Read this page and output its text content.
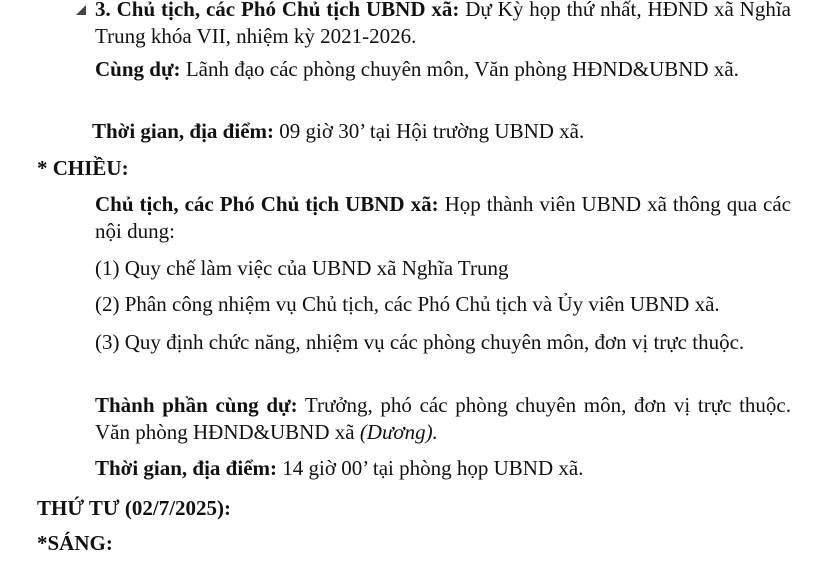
3. Chủ tịch, các Phó Chủ tịch UBND xã: Dự Kỳ họp thứ nhất, HĐND xã Nghĩa Trung khóa VII, nhiệm kỳ 2021-2026.
Cùng dự: Lãnh đạo các phòng chuyên môn, Văn phòng HĐND&UBND xã.
Thời gian, địa điểm: 09 giờ 30’ tại Hội trường UBND xã.
* CHIỀU:
Chủ tịch, các Phó Chủ tịch UBND xã: Họp thành viên UBND xã thông qua các nội dung:
(1) Quy chế làm việc của UBND xã Nghĩa Trung
(2) Phân công nhiệm vụ Chủ tịch, các Phó Chủ tịch và Ủy viên UBND xã.
(3) Quy định chức năng, nhiệm vụ các phòng chuyên môn, đơn vị trực thuộc.
Thành phần cùng dự: Trưởng, phó các phòng chuyên môn, đơn vị trực thuộc. Văn phòng HĐND&UBND xã (Dương).
Thời gian, địa điểm: 14 giờ 00’ tại phòng họp UBND xã.
THỨ TƯ (02/7/2025):
*SÁNG:
